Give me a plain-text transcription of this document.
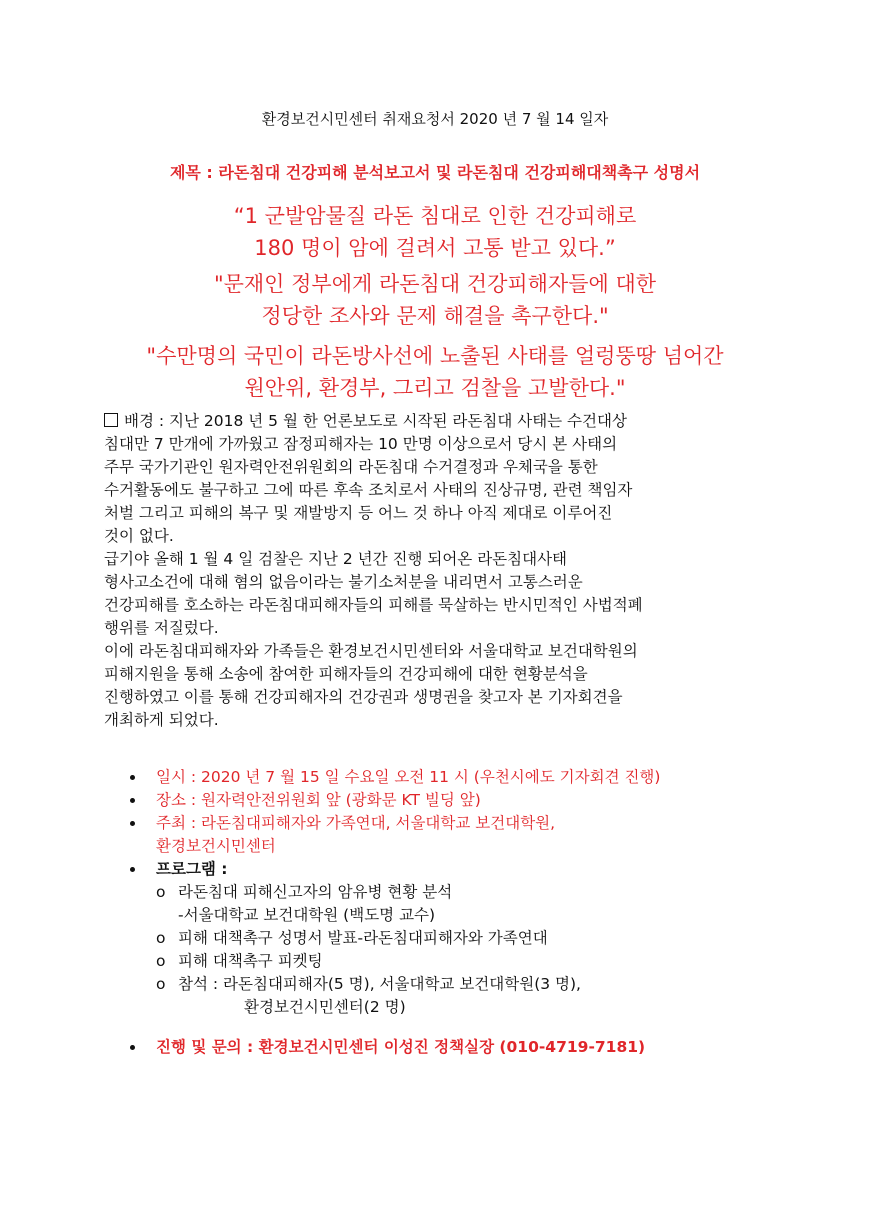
환경보건시민센터 취재요청서 2020 년 7 월 14 일자
제목 : 라돈침대 건강피해 분석보고서 및 라돈침대 건강피해대책촉구 성명서
“1 군발암물질 라돈 침대로 인한 건강피해로
180 명이 암에 걸려서 고통 받고 있다.”
"문재인 정부에게 라돈침대 건강피해자들에 대한
정당한 조사와 문제 해결을 촉구한다."
"수만명의 국민이 라돈방사선에 노출된 사태를 얼렁뚱땅 넘어간
원안위, 환경부, 그리고 검찰을 고발한다."

배경 : 지난 2018 년 5 월 한 언론보도로 시작된 라돈침대 사태는 수건대상

침대만 7 만개에 가까웠고 잠정피해자는 10 만명 이상으로서 당시 본 사태의

주무 국가기관인 원자력안전위원회의 라돈침대 수거결정과 우체국을 통한

수거활동에도 불구하고 그에 따른 후속 조치로서 사태의 진상규명, 관련 책임자

처벌 그리고 피해의 복구 및 재발방지 등 어느 것 하나 아직 제대로 이루어진

것이 없다.

급기야 올해 1 월 4 일 검찰은 지난 2 년간 진행 되어온 라돈침대사태

형사고소건에 대해 혐의 없음이라는 불기소처분을 내리면서 고통스러운

건강피해를 호소하는 라돈침대피해자들의 피해를 묵살하는 반시민적인 사법적폐

행위를 저질렀다.

이에 라돈침대피해자와 가족들은 환경보건시민센터와 서울대학교 보건대학원의

피해지원을 통해 소송에 참여한 피해자들의 건강피해에 대한 현황분석을

진행하였고 이를 통해 건강피해자의 건강권과 생명권을 찾고자 본 기자회견을

개최하게 되었다.

일시 : 2020 년 7 월 15 일 수요일 오전 11 시 (우천시에도 기자회견 진행)
장소 : 원자력안전위원회 앞 (광화문 KT 빌딩 앞)
주최 : 라돈침대피해자와 가족연대, 서울대학교 보건대학원,
환경보건시민센터
프로그램 :
o 라돈침대 피해신고자의 암유병 현황 분석
-서울대학교 보건대학원 (백도명 교수)
o 피해 대책촉구 성명서 발표-라돈침대피해자와 가족연대
o 피해 대책촉구 피켓팅
o 참석 : 라돈침대피해자(5 명), 서울대학교 보건대학원(3 명),
환경보건시민센터(2 명)
진행 및 문의 : 환경보건시민센터 이성진 정책실장 (010-4719-7181)
